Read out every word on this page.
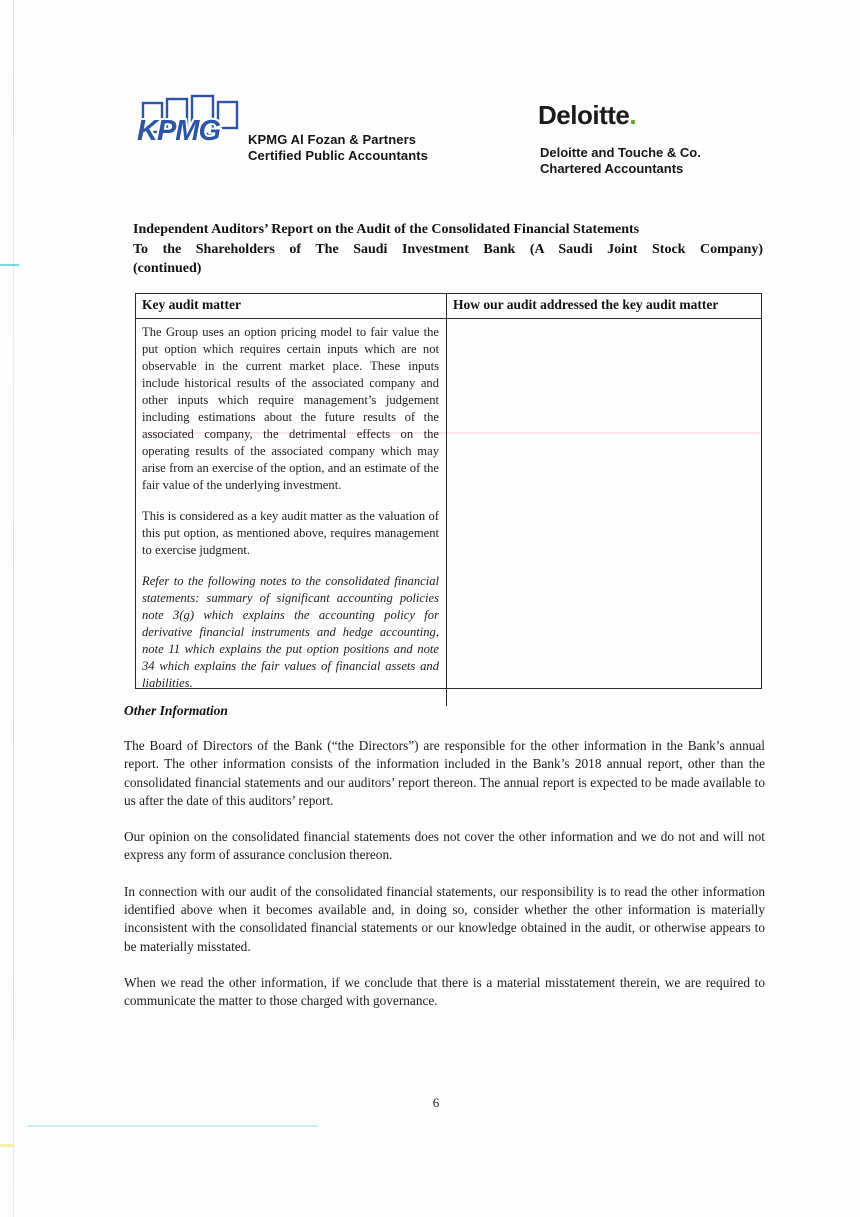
KPMG KPMG Al Fozan & Partners
Certified Public Accountants
Deloitte.
Deloitte and Touche & Co.
Chartered Accountants
Independent Auditors’ Report on the Audit of the Consolidated Financial Statements
To the Shareholders of The Saudi Investment Bank (A Saudi Joint Stock Company)
(continued)
Key audit matter	How our audit addressed the key audit matter

The Group uses an option pricing model to fair value the put option which requires certain inputs which are not observable in the current market place. These inputs include historical results of the associated company and other inputs which require management’s judgement including estimations about the future results of the associated company, the detrimental effects on the operating results of the associated company which may arise from an exercise of the option, and an estimate of the fair value of the underlying investment.

This is considered as a key audit matter as the valuation of this put option, as mentioned above, requires management to exercise judgment.

Refer to the following notes to the consolidated financial statements: summary of significant accounting policies note 3(g) which explains the accounting policy for derivative financial instruments and hedge accounting, note 11 which explains the put option positions and note 34 which explains the fair values of financial assets and liabilities.

Other Information

The Board of Directors of the Bank (“the Directors”) are responsible for the other information in the Bank’s annual report. The other information consists of the information included in the Bank’s 2018 annual report, other than the consolidated financial statements and our auditors’ report thereon. The annual report is expected to be made available to us after the date of this auditors’ report.

Our opinion on the consolidated financial statements does not cover the other information and we do not and will not express any form of assurance conclusion thereon.

In connection with our audit of the consolidated financial statements, our responsibility is to read the other information identified above when it becomes available and, in doing so, consider whether the other information is materially inconsistent with the consolidated financial statements or our knowledge obtained in the audit, or otherwise appears to be materially misstated.

When we read the other information, if we conclude that there is a material misstatement therein, we are required to communicate the matter to those charged with governance.

6
